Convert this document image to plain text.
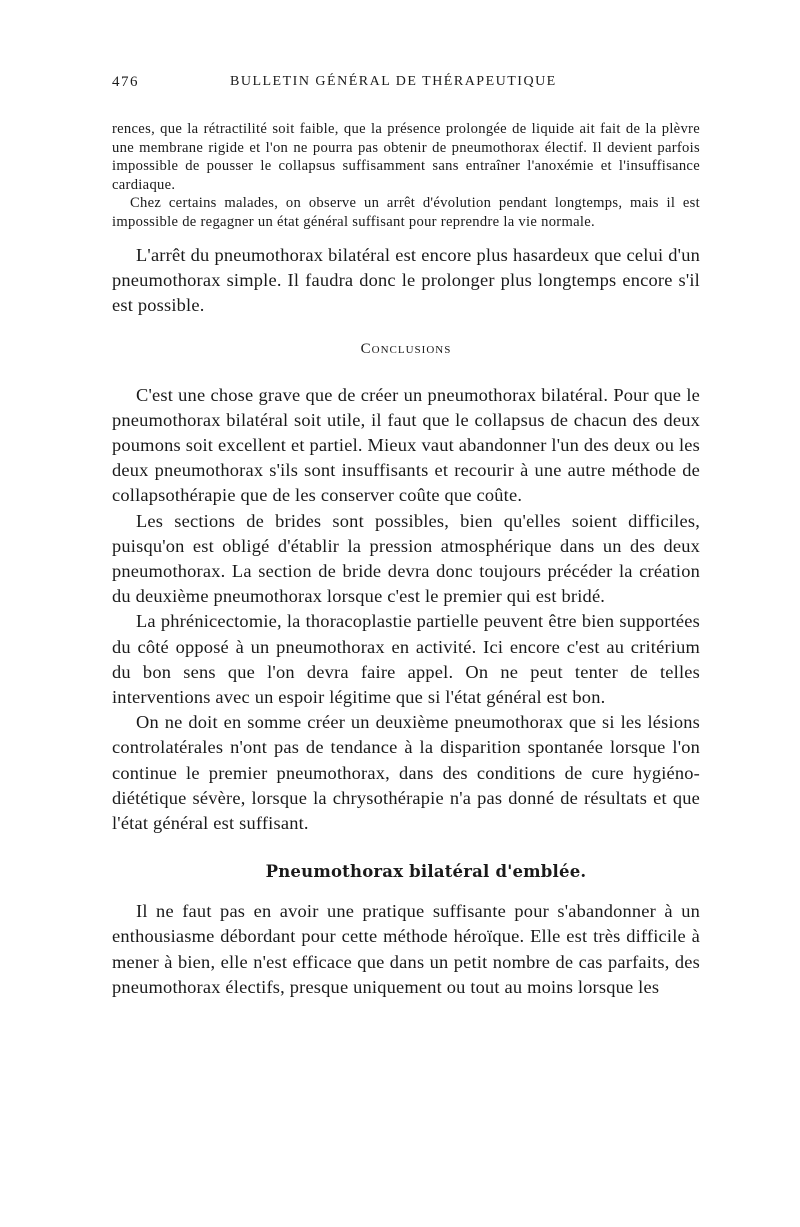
476	BULLETIN GÉNÉRAL DE THÉRAPEUTIQUE

rences, que la rétractilité soit faible, que la présence prolongée de liquide ait fait de la plèvre une membrane rigide et l'on ne pourra pas obtenir de pneumothorax électif. Il devient parfois impossible de pousser le collapsus suffisamment sans entraîner l'anoxémie et l'insuffisance cardiaque.

Chez certains malades, on observe un arrêt d'évolution pendant longtemps, mais il est impossible de regagner un état général suffisant pour reprendre la vie normale.

L'arrêt du pneumothorax bilatéral est encore plus hasardeux que celui d'un pneumothorax simple. Il faudra donc le prolonger plus longtemps encore s'il est possible.

Conclusions

C'est une chose grave que de créer un pneumothorax bilatéral. Pour que le pneumothorax bilatéral soit utile, il faut que le collapsus de chacun des deux poumons soit excellent et partiel. Mieux vaut abandonner l'un des deux ou les deux pneumothorax s'ils sont insuffisants et recourir à une autre méthode de collapsothérapie que de les conserver coûte que coûte.

Les sections de brides sont possibles, bien qu'elles soient difficiles, puisqu'on est obligé d'établir la pression atmosphérique dans un des deux pneumothorax. La section de bride devra donc toujours précéder la création du deuxième pneumothorax lorsque c'est le premier qui est bridé.

La phrénicectomie, la thoracoplastie partielle peuvent être bien supportées du côté opposé à un pneumothorax en activité. Ici encore c'est au critérium du bon sens que l'on devra faire appel. On ne peut tenter de telles interventions avec un espoir légitime que si l'état général est bon.

On ne doit en somme créer un deuxième pneumothorax que si les lésions controlatérales n'ont pas de tendance à la disparition spontanée lorsque l'on continue le premier pneumothorax, dans des conditions de cure hygiéno-diététique sévère, lorsque la chrysothérapie n'a pas donné de résultats et que l'état général est suffisant.

Pneumothorax bilatéral d'emblée.

Il ne faut pas en avoir une pratique suffisante pour s'abandonner à un enthousiasme débordant pour cette méthode héroïque. Elle est très difficile à mener à bien, elle n'est efficace que dans un petit nombre de cas parfaits, des pneumothorax électifs, presque uniquement ou tout au moins lorsque les
